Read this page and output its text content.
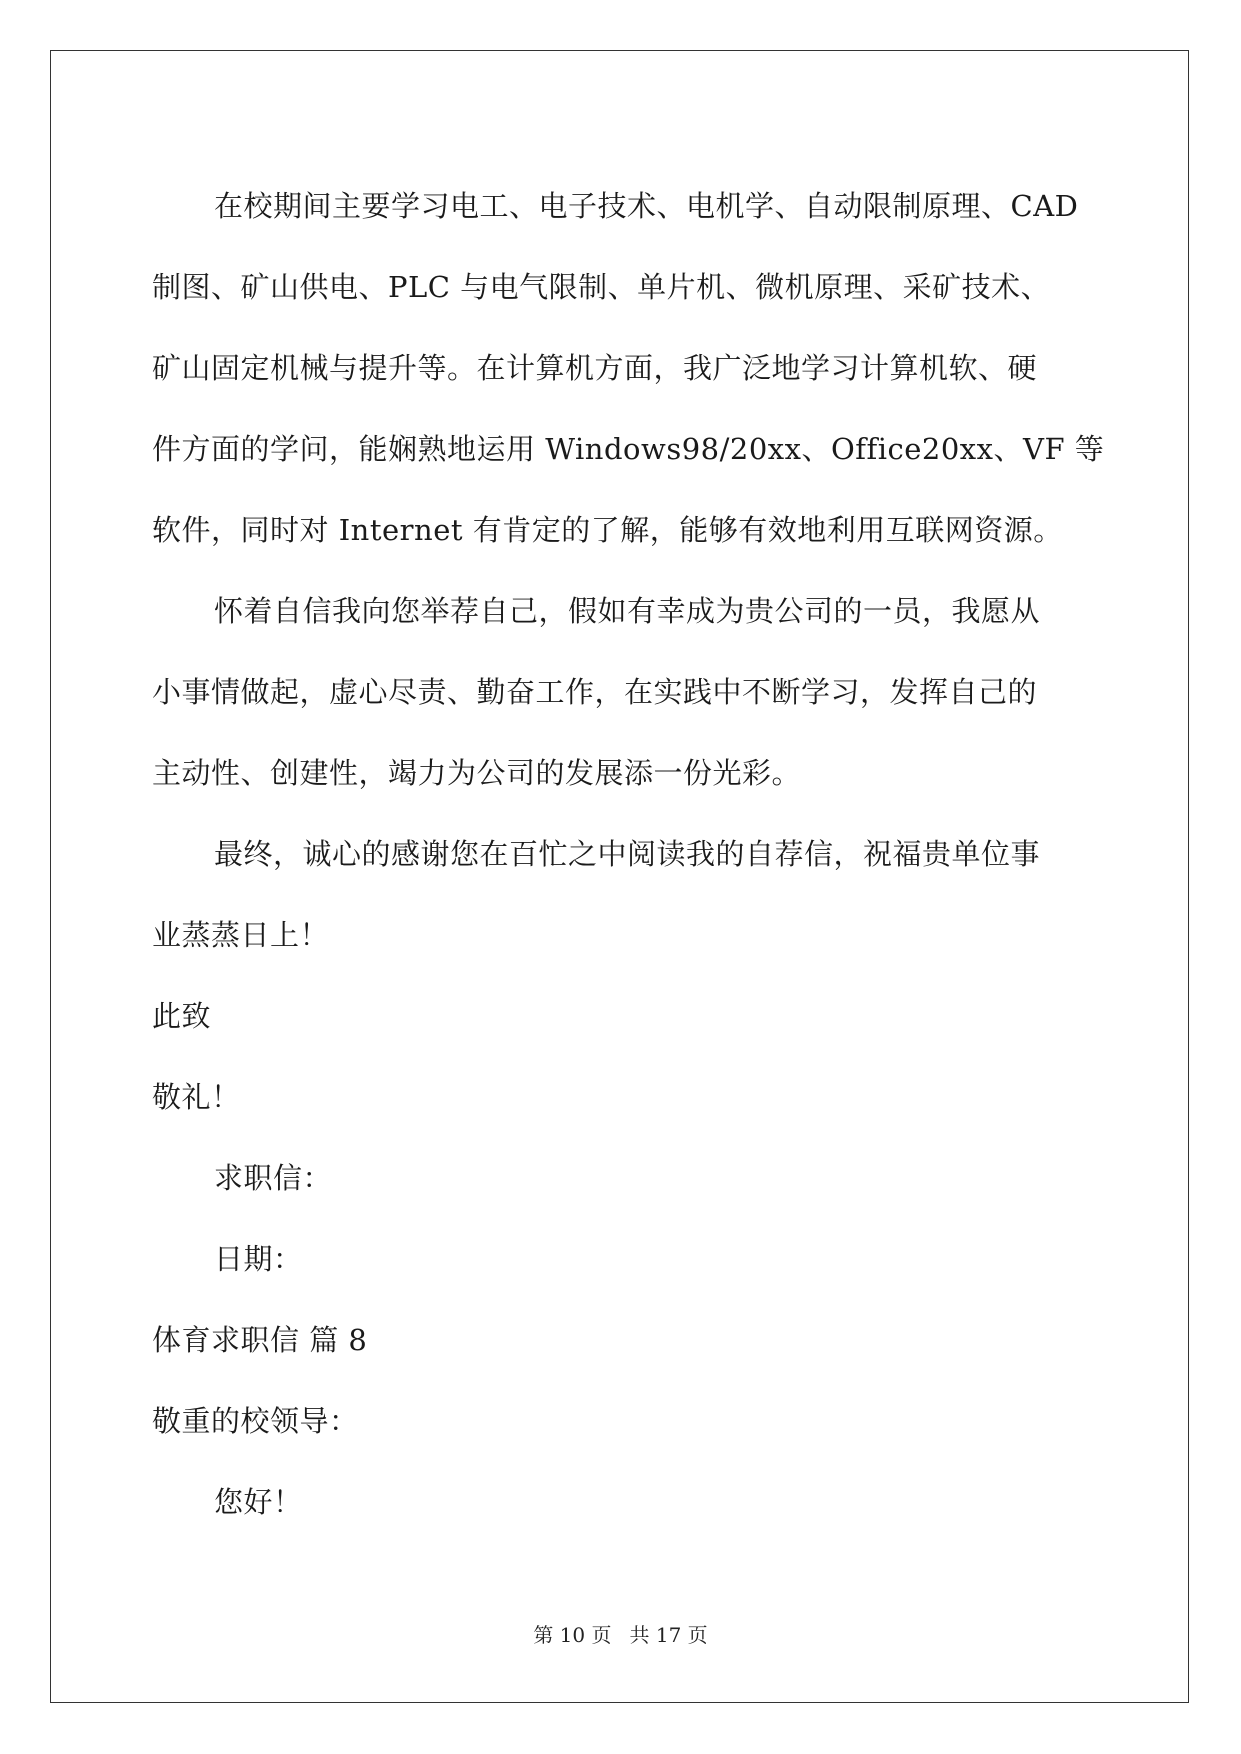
在校期间主要学习电工、电子技术、电机学、自动限制原理、CAD

制图、矿山供电、PLC 与电气限制、单片机、微机原理、采矿技术、

矿山固定机械与提升等。在计算机方面，我广泛地学习计算机软、硬

件方面的学问，能娴熟地运用 Windows98/20xx、Office20xx、VF 等

软件，同时对 Internet 有肯定的了解，能够有效地利用互联网资源。

怀着自信我向您举荐自己，假如有幸成为贵公司的一员，我愿从

小事情做起，虚心尽责、勤奋工作，在实践中不断学习，发挥自己的

主动性、创建性，竭力为公司的发展添一份光彩。

最终，诚心的感谢您在百忙之中阅读我的自荐信，祝福贵单位事

业蒸蒸日上！

此致

敬礼！

求职信：

日期：

体育求职信 篇 8

敬重的校领导：

您好！

第 10 页 共 17 页
